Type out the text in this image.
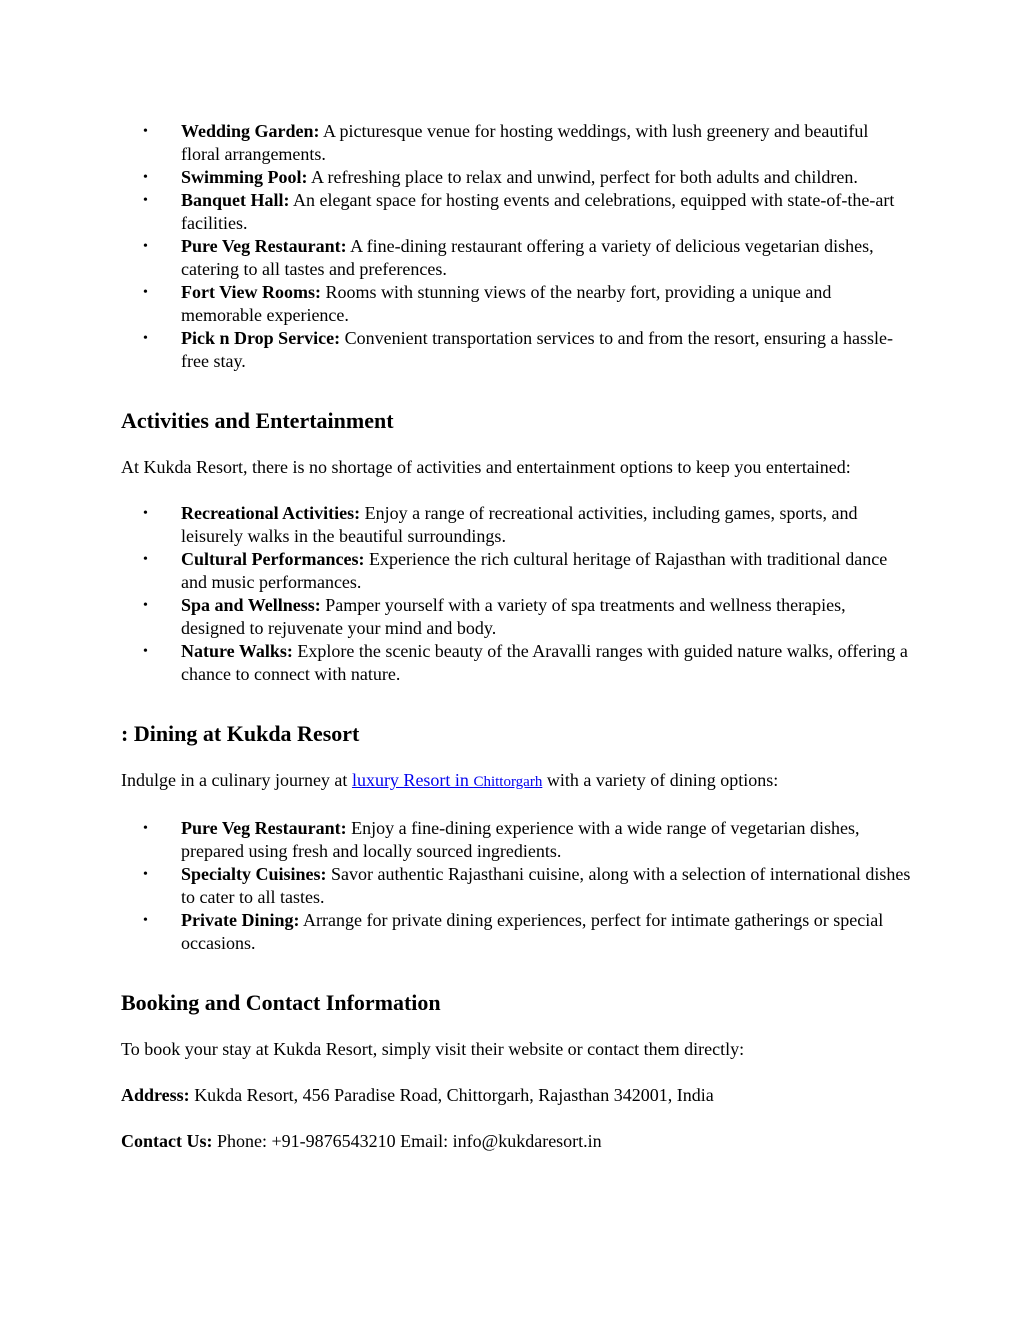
• Wedding Garden: A picturesque venue for hosting weddings, with lush greenery and beautiful floral arrangements.
• Swimming Pool: A refreshing place to relax and unwind, perfect for both adults and children.
• Banquet Hall: An elegant space for hosting events and celebrations, equipped with state-of-the-art facilities.
• Pure Veg Restaurant: A fine-dining restaurant offering a variety of delicious vegetarian dishes, catering to all tastes and preferences.
• Fort View Rooms: Rooms with stunning views of the nearby fort, providing a unique and memorable experience.
• Pick n Drop Service: Convenient transportation services to and from the resort, ensuring a hassle-free stay.
Activities and Entertainment

At Kukda Resort, there is no shortage of activities and entertainment options to keep you entertained:

• Recreational Activities: Enjoy a range of recreational activities, including games, sports, and leisurely walks in the beautiful surroundings.
• Cultural Performances: Experience the rich cultural heritage of Rajasthan with traditional dance and music performances.
• Spa and Wellness: Pamper yourself with a variety of spa treatments and wellness therapies, designed to rejuvenate your mind and body.
• Nature Walks: Explore the scenic beauty of the Aravalli ranges with guided nature walks, offering a chance to connect with nature.
: Dining at Kukda Resort

Indulge in a culinary journey at luxury Resort in Chittorgarh with a variety of dining options:

• Pure Veg Restaurant: Enjoy a fine-dining experience with a wide range of vegetarian dishes, prepared using fresh and locally sourced ingredients.
• Specialty Cuisines: Savor authentic Rajasthani cuisine, along with a selection of international dishes to cater to all tastes.
• Private Dining: Arrange for private dining experiences, perfect for intimate gatherings or special occasions.
Booking and Contact Information

To book your stay at Kukda Resort, simply visit their website or contact them directly:

Address: Kukda Resort, 456 Paradise Road, Chittorgarh, Rajasthan 342001, India

Contact Us: Phone: +91-9876543210 Email: info@kukdaresort.in
